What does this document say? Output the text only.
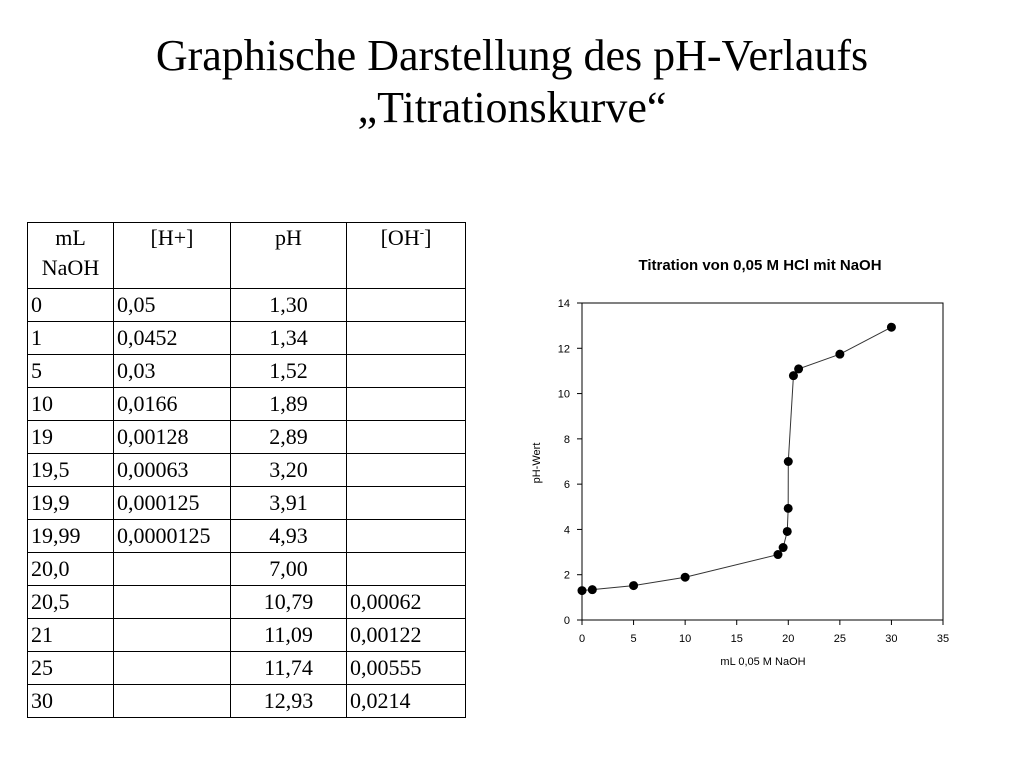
Graphische Darstellung des pH-Verlaufs
„Titrationskurve“
mL
NaOH	[H+]	pH	[OH-]
0	0,05	1,30	
1	0,0452	1,34	
5	0,03	1,52	
10	0,0166	1,89	
19	0,00128	2,89	
19,5	0,00063	3,20	
19,9	0,000125	3,91	
19,99	0,0000125	4,93	
20,0		7,00	
20,5		10,79	0,00062
21		11,09	0,00122
25		11,74	0,00555
30		12,93	0,0214
Titration von 0,05 M HCl mit NaOH
0
2
4
6
8
10
12
14
0	5	10	15	20	25	30	35
mL 0,05 M NaOH
pH-Wert
